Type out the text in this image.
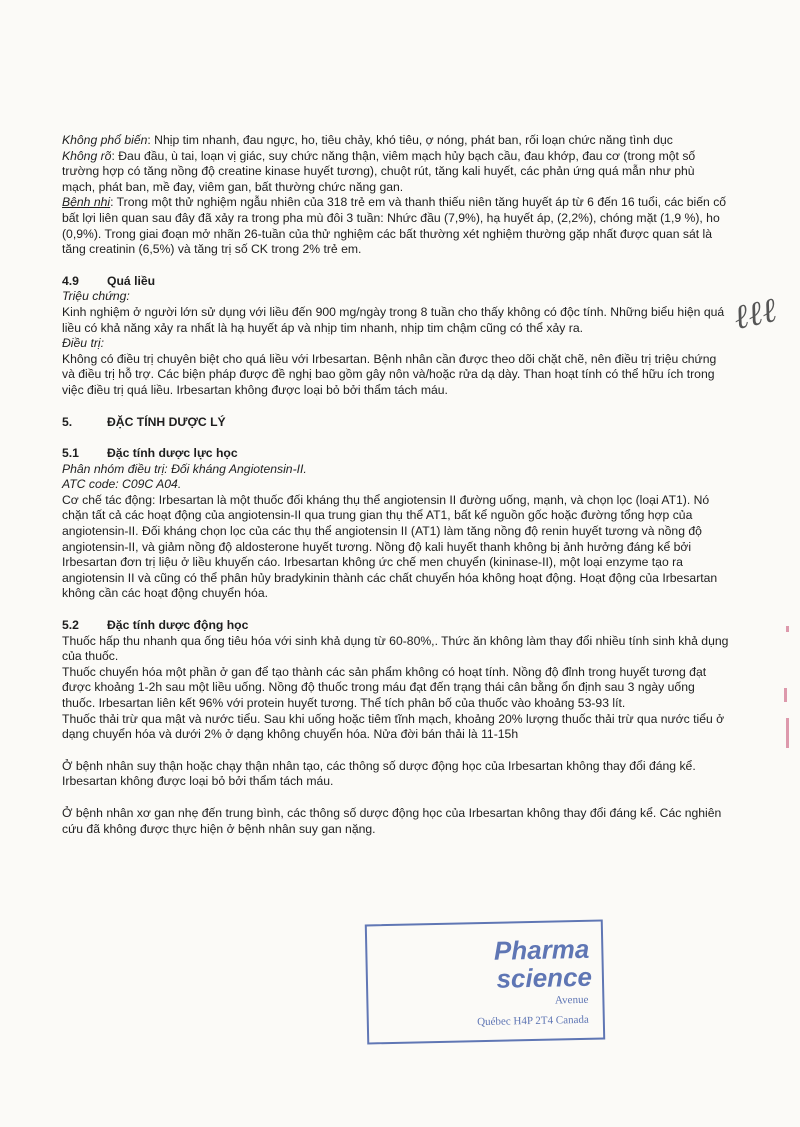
Không phổ biến: Nhịp tim nhanh, đau ngực, ho, tiêu chảy, khó tiêu, ợ nóng, phát ban, rối loạn chức năng tình dục

Không rõ: Đau đầu, ù tai, loạn vị giác, suy chức năng thận, viêm mạch hủy bạch cầu, đau khớp, đau cơ (trong một số trường hợp có tăng nồng độ creatine kinase huyết tương), chuột rút, tăng kali huyết, các phản ứng quá mẫn như phù mạch, phát ban, mề đay, viêm gan, bất thường chức năng gan.

Bệnh nhi: Trong một thử nghiệm ngẫu nhiên của 318 trẻ em và thanh thiếu niên tăng huyết áp từ 6 đến 16 tuổi, các biến cố bất lợi liên quan sau đây đã xảy ra trong pha mù đôi 3 tuần: Nhức đầu (7,9%), hạ huyết áp, (2,2%), chóng mặt (1,9 %), ho (0,9%). Trong giai đoạn mở nhãn 26-tuần của thử nghiệm các bất thường xét nghiệm thường gặp nhất được quan sát là tăng creatinin (6,5%) và tăng trị số CK trong 2% trẻ em.

4.9	Quá liều

Triệu chứng:

Kinh nghiệm ở người lớn sử dụng với liều đến 900 mg/ngày trong 8 tuần cho thấy không có độc tính. Những biểu hiện quá liều có khả năng xảy ra nhất là hạ huyết áp và nhịp tim nhanh, nhịp tim chậm cũng có thể xảy ra.

Điều trị:

Không có điều trị chuyên biệt cho quá liều với Irbesartan. Bệnh nhân cần được theo dõi chặt chẽ, nên điều trị triệu chứng và điều trị hỗ trợ. Các biện pháp được đề nghị bao gồm gây nôn và/hoặc rửa dạ dày. Than hoạt tính có thể hữu ích trong việc điều trị quá liều. Irbesartan không được loại bỏ bởi thẩm tách máu.

5.	ĐẶC TÍNH DƯỢC LÝ
5.1	Đặc tính dược lực học

Phân nhóm điều trị: Đối kháng Angiotensin-II.

ATC code: C09C A04.

Cơ chế tác động: Irbesartan là một thuốc đối kháng thụ thể angiotensin II đường uống, mạnh, và chọn lọc (loại AT1). Nó chặn tất cả các hoạt động của angiotensin-II qua trung gian thụ thể AT1, bất kể nguồn gốc hoặc đường tổng hợp của angiotensin-II. Đối kháng chọn lọc của các thụ thể angiotensin II (AT1) làm tăng nồng độ renin huyết tương và nồng độ angiotensin-II, và giảm nồng độ aldosterone huyết tương. Nồng độ kali huyết thanh không bị ảnh hưởng đáng kể bởi Irbesartan đơn trị liệu ở liều khuyến cáo. Irbesartan không ức chế men chuyển (kininase-II), một loại enzyme tạo ra angiotensin II và cũng có thể phân hủy bradykinin thành các chất chuyển hóa không hoạt động. Hoạt động của Irbesartan không cần các hoạt động chuyển hóa.

5.2	Đặc tính dược động học

Thuốc hấp thu nhanh qua ống tiêu hóa với sinh khả dụng từ 60-80%,. Thức ăn không làm thay đổi nhiều tính sinh khả dụng của thuốc.

Thuốc chuyển hóa một phần ở gan để tạo thành các sản phẩm không có hoạt tính. Nồng độ đỉnh trong huyết tương đạt được khoảng 1-2h sau một liều uống. Nồng độ thuốc trong máu đạt đến trạng thái cân bằng ổn định sau 3 ngày uống thuốc. Irbesartan liên kết 96% với protein huyết tương. Thể tích phân bố của thuốc vào khoảng 53-93 lít.

Thuốc thải trừ qua mật và nước tiểu. Sau khi uống hoặc tiêm tĩnh mạch, khoảng 20% lượng thuốc thải trừ qua nước tiểu ở dạng chuyển hóa và dưới 2% ở dạng không chuyển hóa. Nửa đời bán thải là 11-15h

Ở bệnh nhân suy thận hoặc chạy thận nhân tạo, các thông số dược động học của Irbesartan không thay đổi đáng kể. Irbesartan không được loại bỏ bởi thẩm tách máu.

Ở bệnh nhân xơ gan nhẹ đến trung bình, các thông số dược động học của Irbesartan không thay đổi đáng kể. Các nghiên cứu đã không được thực hiện ở bệnh nhân suy gan nặng.

Pharma
science
Avenue
Québec H4P 2T4 Canada
ℓℓℓ
